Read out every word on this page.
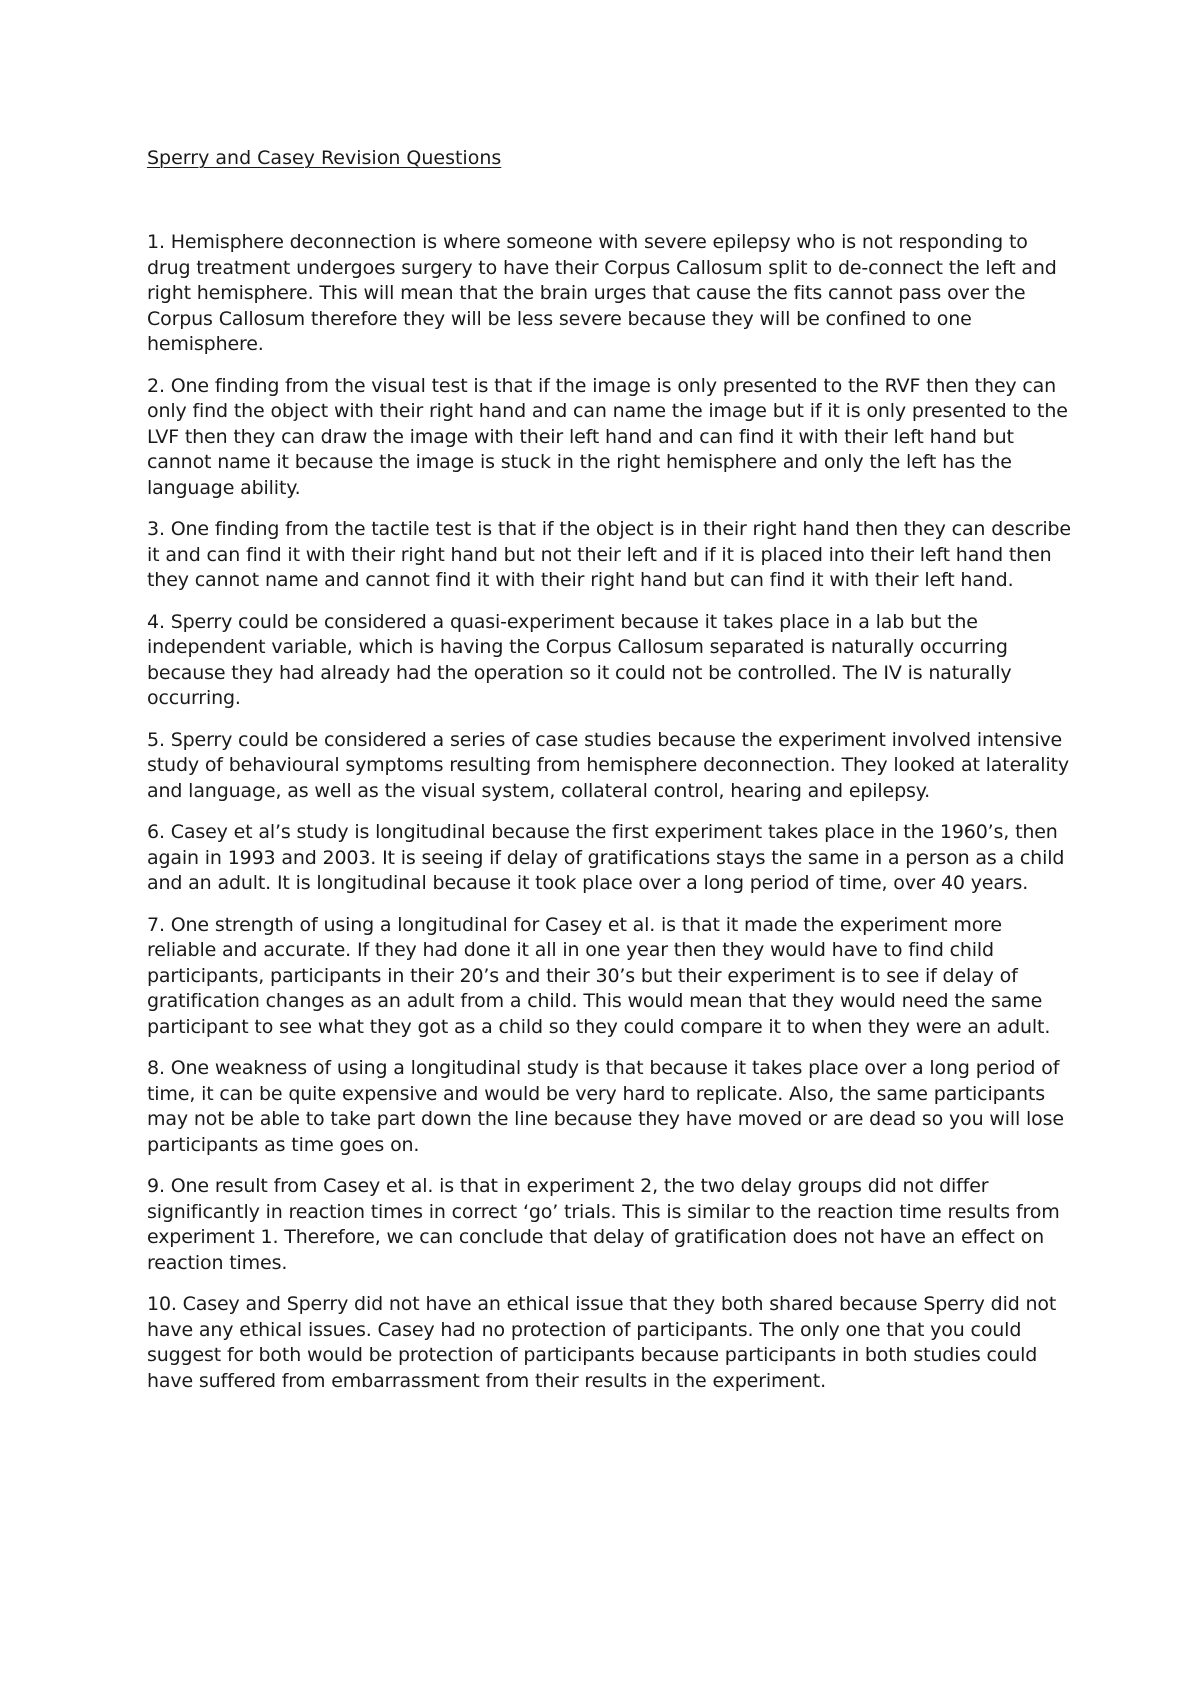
Sperry and Casey Revision Questions

1. Hemisphere deconnection is where someone with severe epilepsy who is not responding to drug treatment undergoes surgery to have their Corpus Callosum split to de-connect the left and right hemisphere. This will mean that the brain urges that cause the fits cannot pass over the Corpus Callosum therefore they will be less severe because they will be confined to one hemisphere.

2. One finding from the visual test is that if the image is only presented to the RVF then they can only find the object with their right hand and can name the image but if it is only presented to the LVF then they can draw the image with their left hand and can find it with their left hand but cannot name it because the image is stuck in the right hemisphere and only the left has the language ability.

3. One finding from the tactile test is that if the object is in their right hand then they can describe it and can find it with their right hand but not their left and if it is placed into their left hand then they cannot name and cannot find it with their right hand but can find it with their left hand.

4. Sperry could be considered a quasi-experiment because it takes place in a lab but the independent variable, which is having the Corpus Callosum separated is naturally occurring because they had already had the operation so it could not be controlled. The IV is naturally occurring.

5. Sperry could be considered a series of case studies because the experiment involved intensive study of behavioural symptoms resulting from hemisphere deconnection. They looked at laterality and language, as well as the visual system, collateral control, hearing and epilepsy.

6. Casey et al’s study is longitudinal because the first experiment takes place in the 1960’s, then again in 1993 and 2003. It is seeing if delay of gratifications stays the same in a person as a child and an adult. It is longitudinal because it took place over a long period of time, over 40 years.

7. One strength of using a longitudinal for Casey et al. is that it made the experiment more reliable and accurate. If they had done it all in one year then they would have to find child participants, participants in their 20’s and their 30’s but their experiment is to see if delay of gratification changes as an adult from a child. This would mean that they would need the same participant to see what they got as a child so they could compare it to when they were an adult.

8. One weakness of using a longitudinal study is that because it takes place over a long period of time, it can be quite expensive and would be very hard to replicate. Also, the same participants may not be able to take part down the line because they have moved or are dead so you will lose participants as time goes on.

9. One result from Casey et al. is that in experiment 2, the two delay groups did not differ significantly in reaction times in correct ‘go’ trials. This is similar to the reaction time results from experiment 1. Therefore, we can conclude that delay of gratification does not have an effect on reaction times.

10. Casey and Sperry did not have an ethical issue that they both shared because Sperry did not have any ethical issues. Casey had no protection of participants. The only one that you could suggest for both would be protection of participants because participants in both studies could have suffered from embarrassment from their results in the experiment.
